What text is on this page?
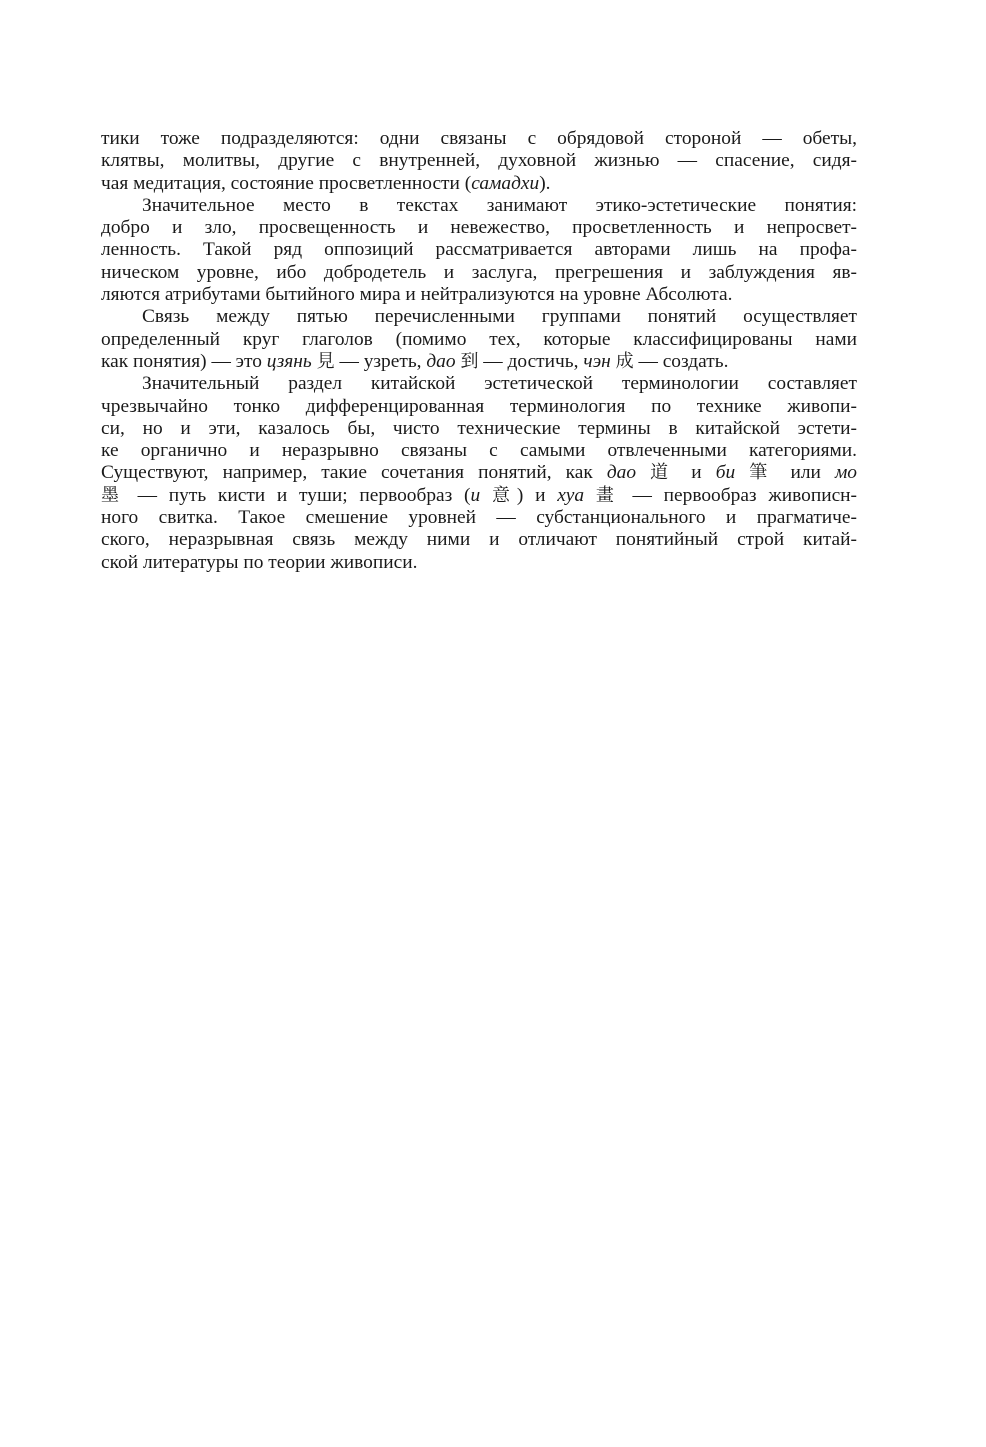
тики тоже подразделяются: одни связаны с обрядовой стороной — обеты,
клятвы, молитвы, другие с внутренней, духовной жизнью — спасение, сидя-
чая медитация, состояние просветленности (самадхи).
Значительное место в текстах занимают этико-эстетические понятия:
добро и зло, просвещенность и невежество, просветленность и непросвет-
ленность. Такой ряд оппозиций рассматривается авторами лишь на профа-
ническом уровне, ибо добродетель и заслуга, прегрешения и заблуждения яв-
ляются атрибутами бытийного мира и нейтрализуются на уровне Абсолюта.
Связь между пятью перечисленными группами понятий осуществляет
определенный круг глаголов (помимо тех, которые классифицированы нами
как понятия) — это цзянь 見 — узреть, дао 到 — достичь, чэн 成 — создать.
Значительный раздел китайской эстетической терминологии составляет
чрезвычайно тонко дифференцированная терминология по технике живопи-
си, но и эти, казалось бы, чисто технические термины в китайской эстети-
ке органично и неразрывно связаны с самыми отвлеченными категориями.
Существуют, например, такие сочетания понятий, как дао 道 и би 筆 или мо
墨 — путь кисти и туши; первообраз (и 意) и хуа 畫 — первообраз живописн-
ного свитка. Такое смешение уровней — субстанционального и прагматиче-
ского, неразрывная связь между ними и отличают понятийный строй китай-
ской литературы по теории живописи.
